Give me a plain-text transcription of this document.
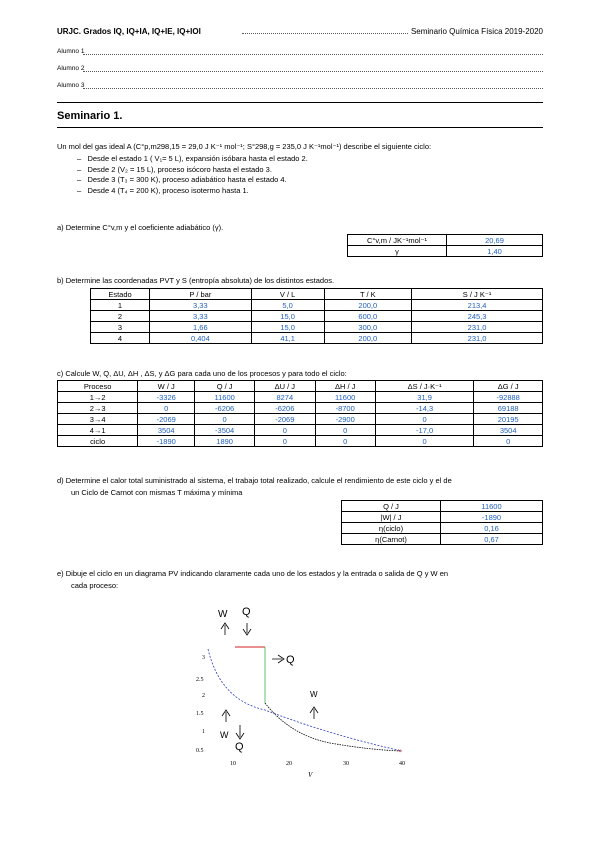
URJC. Grados IQ, IQ+IA, IQ+IE, IQ+IOI	Seminario Química Física 2019-2020
Alumno 1
Alumno 2
Alumno 3
Seminario 1.
Un mol del gas ideal A (C°p,m298,15 = 29,0 J K⁻¹ mol⁻¹; S°298,g = 235,0 J K⁻¹mol⁻¹) describe el siguiente ciclo:
–   Desde el estado 1 ( V₁= 5 L), expansión isóbara hasta el estado 2.
–   Desde 2 (V₂ = 15 L), proceso isócoro hasta el estado 3.
–   Desde 3 (T₃ = 300 K), proceso adiabático hasta el estado 4.
–   Desde 4 (T₄ = 200 K), proceso isotermo hasta 1.
a) Determine C°v,m y el coeficiente adiabático (γ).
C°v,m / JK⁻¹mol⁻¹	20,69
γ	1,40
b) Determine las coordenadas PVT y S (entropía absoluta) de los distintos estados.
Estado	P / bar	V / L	T / K	S / J K⁻¹
1	3,33	5,0	200,0	213,4
2	3,33	15,0	600,0	245,3
3	1,66	15,0	300,0	231,0
4	0,404	41,1	200,0	231,0
c) Calcule W, Q, ΔU, ΔH , ΔS, y ΔG para cada uno de los procesos y para todo el ciclo:
Proceso	W / J	Q / J	ΔU / J	ΔH / J	ΔS / J·K⁻¹	ΔG / J
1→2	-3326	11600	8274	11600	31,9	-92888
2→3	0	-6206	-6206	-8700	-14,3	69188
3→4	-2069	0	-2069	-2900	0	20195
4→1	3504	-3504	0	0	-17,0	3504
ciclo	-1890	1890	0	0	0	0
d) Determine el calor total suministrado al sistema, el trabajo total realizado, calcule el rendimiento de este ciclo y el de
un Ciclo de Carnot con mismas T máxima y mínima
Q / J	11600
|W| / J	-1890
η(ciclo)	0,16
η(Carnot)	0,67
e) Dibuje el ciclo en un diagrama PV indicando claramente cada uno de los estados y la entrada o salida de Q y W en
cada proceso:
3
2.5
2
1.5
1
0.5
10	20	30	40
V
×
W Q
Q
W
W
Q
